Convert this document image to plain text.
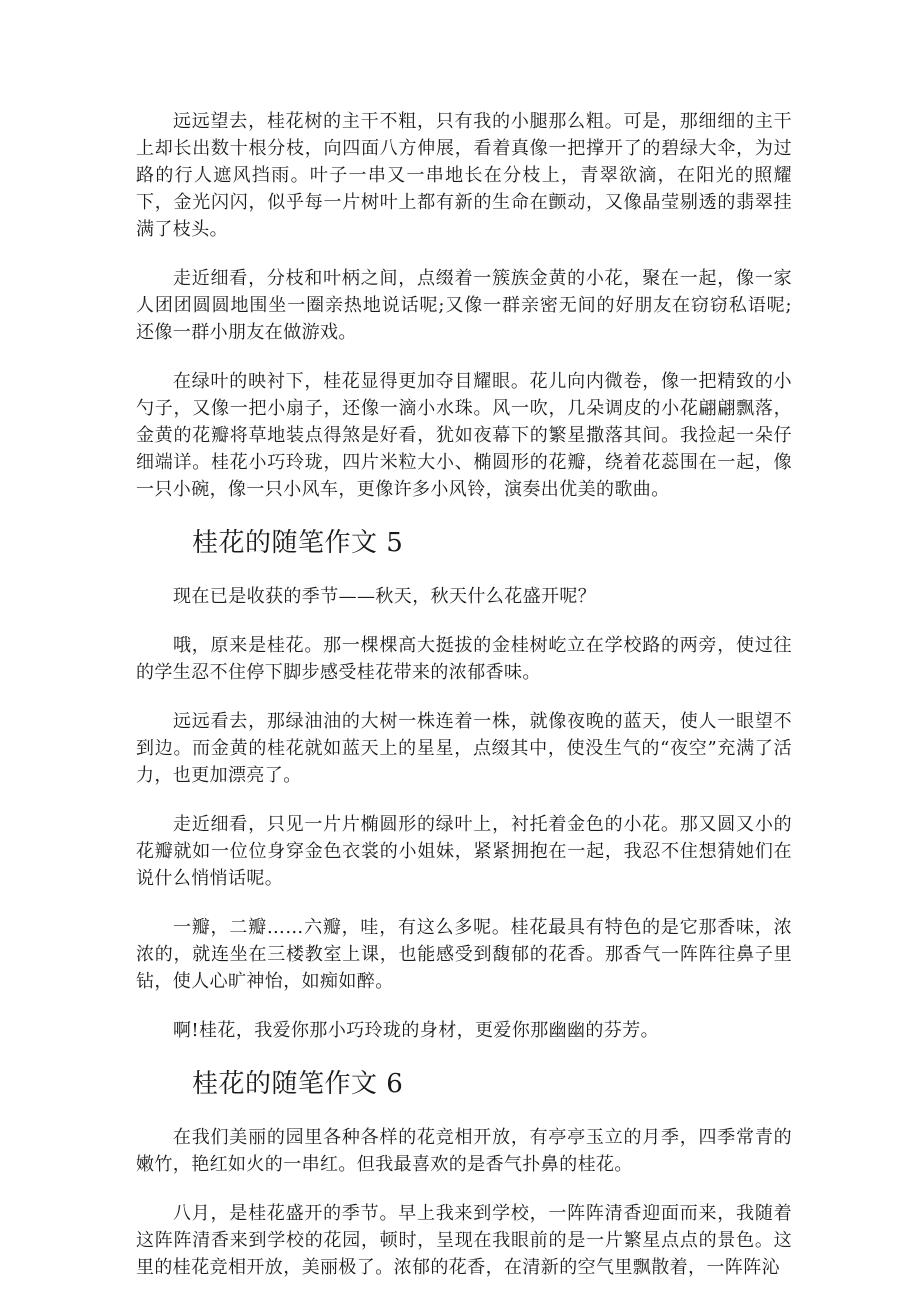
远远望去，桂花树的主干不粗，只有我的小腿那么粗。可是，那细细的主干上却长出数十根分枝，向四面八方伸展，看着真像一把撑开了的碧绿大伞，为过路的行人遮风挡雨。叶子一串又一串地长在分枝上，青翠欲滴，在阳光的照耀下，金光闪闪，似乎每一片树叶上都有新的生命在颤动，又像晶莹剔透的翡翠挂满了枝头。

走近细看，分枝和叶柄之间，点缀着一簇族金黄的小花，聚在一起，像一家人团团圆圆地围坐一圈亲热地说话呢;又像一群亲密无间的好朋友在窃窃私语呢;还像一群小朋友在做游戏。

在绿叶的映衬下，桂花显得更加夺目耀眼。花儿向内微卷，像一把精致的小勺子，又像一把小扇子，还像一滴小水珠。风一吹，几朵调皮的小花翩翩飘落，金黄的花瓣将草地装点得煞是好看，犹如夜幕下的繁星撒落其间。我捡起一朵仔细端详。桂花小巧玲珑，四片米粒大小、椭圆形的花瓣，绕着花蕊围在一起，像一只小碗，像一只小风车，更像许多小风铃，演奏出优美的歌曲。

桂花的随笔作文 5

现在已是收获的季节——秋天，秋天什么花盛开呢？

哦，原来是桂花。那一棵棵高大挺拔的金桂树屹立在学校路的两旁，使过往的学生忍不住停下脚步感受桂花带来的浓郁香味。

远远看去，那绿油油的大树一株连着一株，就像夜晚的蓝天，使人一眼望不到边。而金黄的桂花就如蓝天上的星星，点缀其中，使没生气的“夜空”充满了活力，也更加漂亮了。

走近细看，只见一片片椭圆形的绿叶上，衬托着金色的小花。那又圆又小的花瓣就如一位位身穿金色衣裳的小姐妹，紧紧拥抱在一起，我忍不住想猜她们在说什么悄悄话呢。

一瓣，二瓣……六瓣，哇，有这么多呢。桂花最具有特色的是它那香味，浓浓的，就连坐在三楼教室上课，也能感受到馥郁的花香。那香气一阵阵往鼻子里钻，使人心旷神怡，如痴如醉。

啊!桂花，我爱你那小巧玲珑的身材，更爱你那幽幽的芬芳。

桂花的随笔作文 6

在我们美丽的园里各种各样的花竞相开放，有亭亭玉立的月季，四季常青的嫩竹，艳红如火的一串红。但我最喜欢的是香气扑鼻的桂花。

八月，是桂花盛开的季节。早上我来到学校，一阵阵清香迎面而来，我随着这阵阵清香来到学校的花园，顿时，呈现在我眼前的是一片繁星点点的景色。这里的桂花竞相开放，美丽极了。浓郁的花香，在清新的空气里飘散着，一阵阵沁
